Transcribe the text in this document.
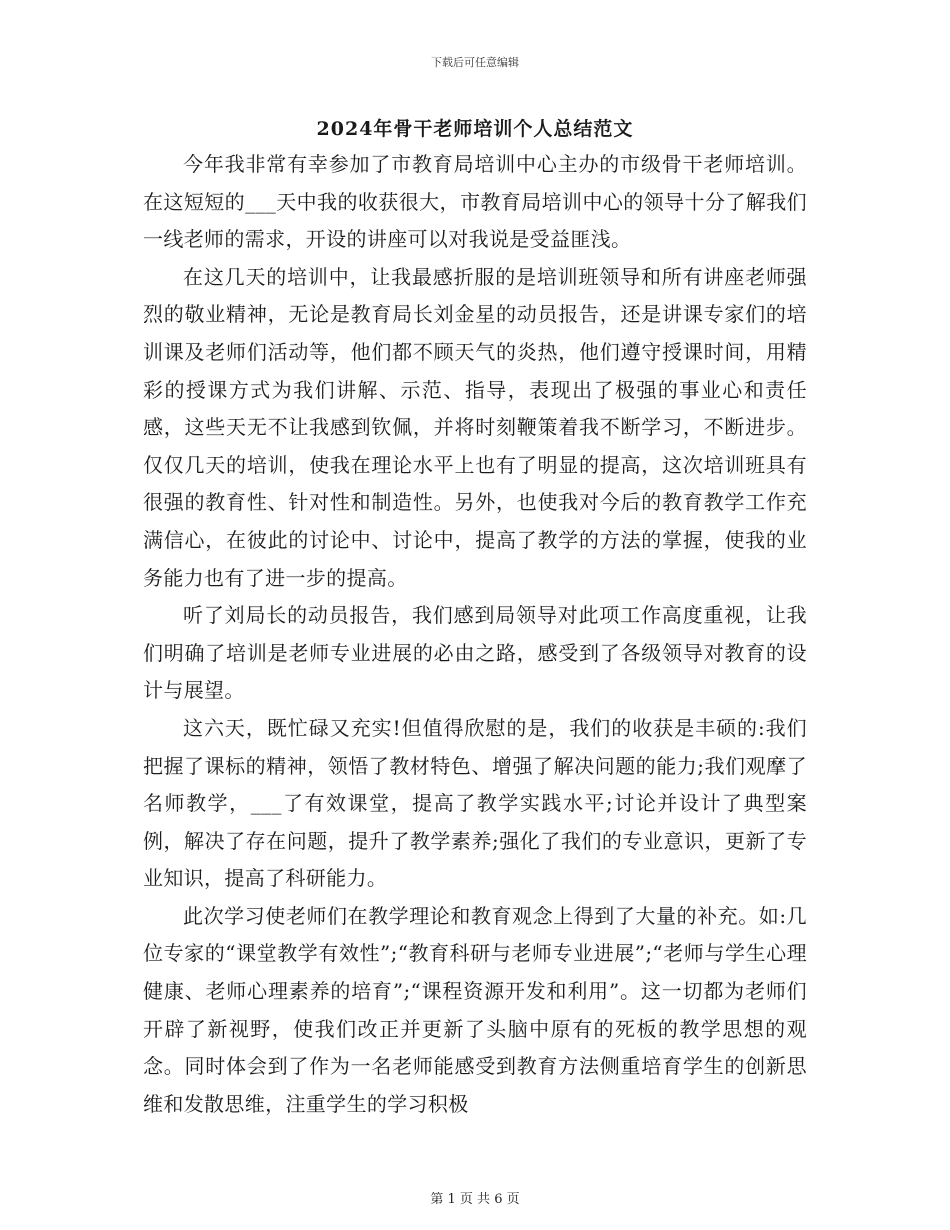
下载后可任意编辑
2024年骨干老师培训个人总结范文

今年我非常有幸参加了市教育局培训中心主办的市级骨干老师培训。在这短短的___天中我的收获很大，市教育局培训中心的领导十分了解我们一线老师的需求，开设的讲座可以对我说是受益匪浅。

在这几天的培训中，让我最感折服的是培训班领导和所有讲座老师强烈的敬业精神，无论是教育局长刘金星的动员报告，还是讲课专家们的培训课及老师们活动等，他们都不顾天气的炎热，他们遵守授课时间，用精彩的授课方式为我们讲解、示范、指导，表现出了极强的事业心和责任感，这些天无不让我感到钦佩，并将时刻鞭策着我不断学习，不断进步。仅仅几天的培训，使我在理论水平上也有了明显的提高，这次培训班具有很强的教育性、针对性和制造性。另外，也使我对今后的教育教学工作充满信心，在彼此的讨论中、讨论中，提高了教学的方法的掌握，使我的业务能力也有了进一步的提高。

听了刘局长的动员报告，我们感到局领导对此项工作高度重视，让我们明确了培训是老师专业进展的必由之路，感受到了各级领导对教育的设计与展望。

这六天，既忙碌又充实!但值得欣慰的是，我们的收获是丰硕的:我们把握了课标的精神，领悟了教材特色、增强了解决问题的能力;我们观摩了名师教学，___了有效课堂，提高了教学实践水平;讨论并设计了典型案例，解决了存在问题，提升了教学素养;强化了我们的专业意识，更新了专业知识，提高了科研能力。

此次学习使老师们在教学理论和教育观念上得到了大量的补充。如:几位专家的“课堂教学有效性”;“教育科研与老师专业进展”;“老师与学生心理健康、老师心理素养的培育”;“课程资源开发和利用”。这一切都为老师们开辟了新视野，使我们改正并更新了头脑中原有的死板的教学思想的观念。同时体会到了作为一名老师能感受到教育方法侧重培育学生的创新思维和发散思维，注重学生的学习积极

第 1 页 共 6 页
